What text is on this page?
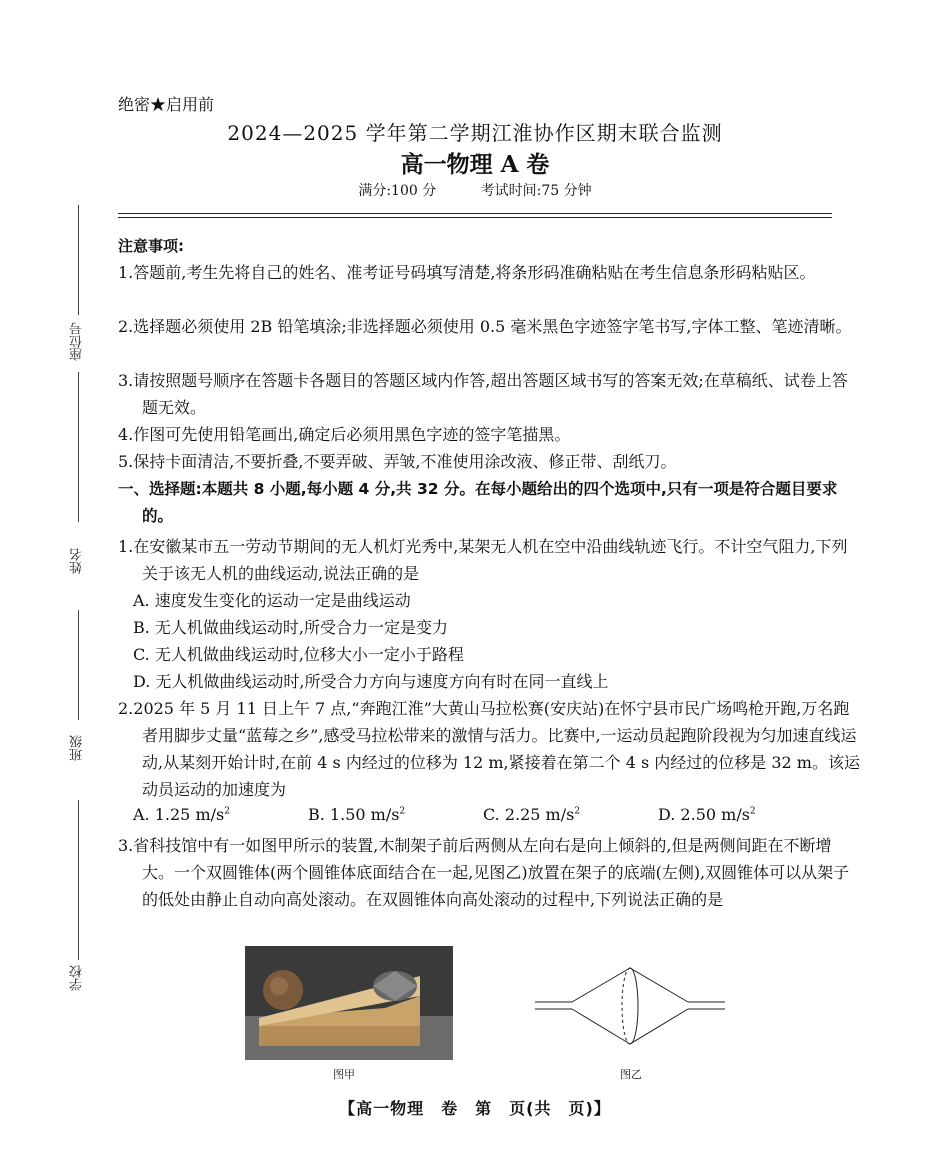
绝密★启用前
2024—2025 学年第二学期江淮协作区期末联合监测
高一物理 A 卷
满分:100 分	考试时间:75 分钟
座位号
姓名
班级
学校
注意事项:
1.答题前,考生先将自己的姓名、准考证号码填写清楚,将条形码准确粘贴在考生信息条形码粘贴区。
2.选择题必须使用 2B 铅笔填涂;非选择题必须使用 0.5 毫米黑色字迹签字笔书写,字体工整、笔迹清晰。
3.请按照题号顺序在答题卡各题目的答题区域内作答,超出答题区域书写的答案无效;在草稿纸、试卷上答题无效。
4.作图可先使用铅笔画出,确定后必须用黑色字迹的签字笔描黑。
5.保持卡面清洁,不要折叠,不要弄破、弄皱,不准使用涂改液、修正带、刮纸刀。
一、选择题:本题共 8 小题,每小题 4 分,共 32 分。在每小题给出的四个选项中,只有一项是符合题目要求的。
1.在安徽某市五一劳动节期间的无人机灯光秀中,某架无人机在空中沿曲线轨迹飞行。不计空气阻力,下列关于该无人机的曲线运动,说法正确的是
A. 速度发生变化的运动一定是曲线运动
B. 无人机做曲线运动时,所受合力一定是变力
C. 无人机做曲线运动时,位移大小一定小于路程
D. 无人机做曲线运动时,所受合力方向与速度方向有时在同一直线上
2.2025 年 5 月 11 日上午 7 点,“奔跑江淮”大黄山马拉松赛(安庆站)在怀宁县市民广场鸣枪开跑,万名跑者用脚步丈量“蓝莓之乡”,感受马拉松带来的激情与活力。比赛中,一运动员起跑阶段视为匀加速直线运动,从某刻开始计时,在前 4 s 内经过的位移为 12 m,紧接着在第二个 4 s 内经过的位移是 32 m。该运动员运动的加速度为
A. 1.25 $m/s^2$	B. 1.50 $m/s^2$	C. 2.25 $m/s^2$	D. 2.50 $m/s^2$
3.省科技馆中有一如图甲所示的装置,木制架子前后两侧从左向右是向上倾斜的,但是两侧间距在不断增大。一个双圆锥体(两个圆锥体底面结合在一起,见图乙)放置在架子的底端(左侧),双圆锥体可以从架子的低处由静止自动向高处滚动。在双圆锥体向高处滚动的过程中,下列说法正确的是
图甲	图乙
【高一物理　卷　第　页(共　页)】
